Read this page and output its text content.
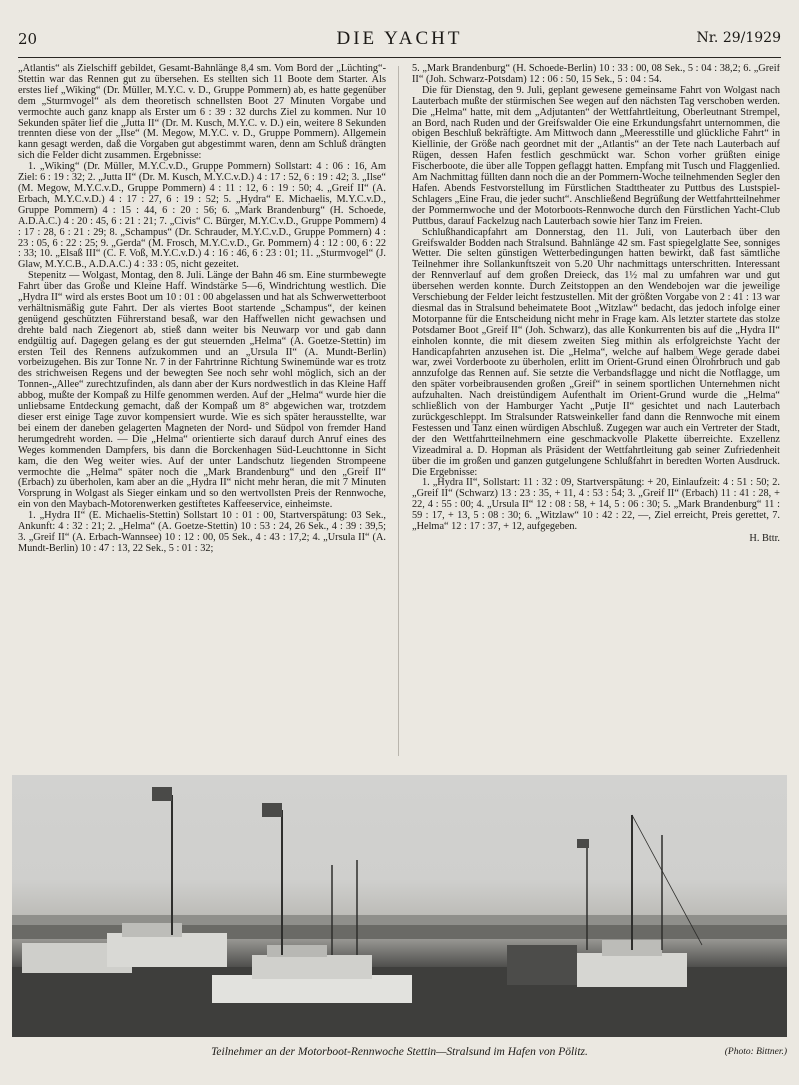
20	DIE YACHT	Nr. 29/1929

„Atlantis“ als Zielschiff gebildet, Gesamt-Bahnlänge 8,4 sm. Vom Bord der „Lüchting“-Stettin war das Rennen gut zu übersehen. Es stellten sich 11 Boote dem Starter. Als erstes lief „Wiking“ (Dr. Müller, M.Y.C. v. D., Gruppe Pommern) ab, es hatte gegenüber dem „Sturmvogel“ als dem theoretisch schnellsten Boot 27 Minuten Vorgabe und vermochte auch ganz knapp als Erster um 6 : 39 : 32 durchs Ziel zu kommen. Nur 10 Sekunden später lief die „Jutta II“ (Dr. M. Kusch, M.Y.C. v. D.) ein, weitere 8 Sekunden trennten diese von der „Ilse“ (M. Megow, M.Y.C. v. D., Gruppe Pommern). Allgemein kann gesagt werden, daß die Vorgaben gut abgestimmt waren, denn am Schluß drängten sich die Felder dicht zusammen. Ergebnisse:

1. „Wiking“ (Dr. Müller, M.Y.C.v.D., Gruppe Pommern) Sollstart: 4 : 06 : 16, Am Ziel: 6 : 19 : 32; 2. „Jutta II“ (Dr. M. Kusch, M.Y.C.v.D.) 4 : 17 : 52, 6 : 19 : 42; 3. „Ilse“ (M. Megow, M.Y.C.v.D., Gruppe Pommern) 4 : 11 : 12, 6 : 19 : 50; 4. „Greif II“ (A. Erbach, M.Y.C.v.D.) 4 : 17 : 27, 6 : 19 : 52; 5. „Hydra“ E. Michaelis, M.Y.C.v.D., Gruppe Pommern) 4 : 15 : 44, 6 : 20 : 56; 6. „Mark Brandenburg“ (H. Schoede, A.D.A.C.) 4 : 20 : 45, 6 : 21 : 21; 7. „Civis“ C. Bürger, M.Y.C.v.D., Gruppe Pommern) 4 : 17 : 28, 6 : 21 : 29; 8. „Schampus“ (Dr. Schrauder, M.Y.C.v.D., Gruppe Pommern) 4 : 23 : 05, 6 : 22 : 25; 9. „Gerda“ (M. Frosch, M.Y.C.v.D., Gr. Pommern) 4 : 12 : 00, 6 : 22 : 33; 10. „Elsaß III“ (C. F. Voß, M.Y.C.v.D.) 4 : 16 : 46, 6 : 23 : 01; 11. „Sturmvogel“ (J. Glaw, M.Y.C.B., A.D.A.C.) 4 : 33 : 05, nicht gezeitet.

Stepenitz — Wolgast, Montag, den 8. Juli. Länge der Bahn 46 sm. Eine sturmbewegte Fahrt über das Große und Kleine Haff. Windstärke 5—6, Windrichtung westlich. Die „Hydra II“ wird als erstes Boot um 10 : 01 : 00 abgelassen und hat als Schwerwetterboot verhältnismäßig gute Fahrt. Der als viertes Boot startende „Schampus“, der keinen genügend geschützten Führerstand besaß, war den Haffwellen nicht gewachsen und drehte bald nach Ziegenort ab, stieß dann weiter bis Neuwarp vor und gab dann endgültig auf. Dagegen gelang es der gut steuernden „Helma“ (A. Goetze-Stettin) im ersten Teil des Rennens aufzukommen und an „Ursula II“ (A. Mundt-Berlin) vorbeizugehen. Bis zur Tonne Nr. 7 in der Fahrtrinne Richtung Swinemünde war es trotz des strichweisen Regens und der bewegten See noch sehr wohl möglich, sich an der Tonnen-„Allee“ zurechtzufinden, als dann aber der Kurs nordwestlich in das Kleine Haff abbog, mußte der Kompaß zu Hilfe genommen werden. Auf der „Helma“ wurde hier die unliebsame Entdeckung gemacht, daß der Kompaß um 8° abgewichen war, trotzdem dieser erst einige Tage zuvor kompensiert wurde. Wie es sich später herausstellte, war bei einem der daneben gelagerten Magneten der Nord- und Südpol von fremder Hand herumgedreht worden. — Die „Helma“ orientierte sich darauf durch Anruf eines des Weges kommenden Dampfers, bis dann die Borckenhagen Süd-Leuchttonne in Sicht kam, die den Weg weiter wies. Auf der unter Landschutz liegenden Strompeene vermochte die „Helma“ später noch die „Mark Brandenburg“ und den „Greif II“ (Erbach) zu überholen, kam aber an die „Hydra II“ nicht mehr heran, die mit 7 Minuten Vorsprung in Wolgast als Sieger einkam und so den wertvollsten Preis der Rennwoche, ein von den Maybach-Motorenwerken gestiftetes Kaffeeservice, einheimste.

1. „Hydra II“ (E. Michaelis-Stettin) Sollstart 10 : 01 : 00, Startverspätung: 03 Sek., Ankunft: 4 : 32 : 21; 2. „Helma“ (A. Goetze-Stettin) 10 : 53 : 24, 26 Sek., 4 : 39 : 39,5; 3. „Greif II“ (A. Erbach-Wannsee) 10 : 12 : 00, 05 Sek., 4 : 43 : 17,2; 4. „Ursula II“ (A. Mundt-Berlin) 10 : 47 : 13, 22 Sek., 5 : 01 : 32;

5. „Mark Brandenburg“ (H. Schoede-Berlin) 10 : 33 : 00, 08 Sek., 5 : 04 : 38,2; 6. „Greif II“ (Joh. Schwarz-Potsdam) 12 : 06 : 50, 15 Sek., 5 : 04 : 54.

Die für Dienstag, den 9. Juli, geplant gewesene gemeinsame Fahrt von Wolgast nach Lauterbach mußte der stürmischen See wegen auf den nächsten Tag verschoben werden. Die „Helma“ hatte, mit dem „Adjutanten“ der Wettfahrtleitung, Oberleutnant Strempel, an Bord, nach Ruden und der Greifswalder Oie eine Erkundungsfahrt unternommen, die obigen Beschluß bekräftigte. Am Mittwoch dann „Meeresstille und glückliche Fahrt“ in Kiellinie, der Größe nach geordnet mit der „Atlantis“ an der Tete nach Lauterbach auf Rügen, dessen Hafen festlich geschmückt war. Schon vorher grüßten einige Fischerboote, die über alle Toppen geflaggt hatten. Empfang mit Tusch und Flaggenlied. Am Nachmittag füllten dann noch die an der Pommern-Woche teilnehmenden Segler den Hafen. Abends Festvorstellung im Fürstlichen Stadttheater zu Puttbus des Lustspiel-Schlagers „Eine Frau, die jeder sucht“. Anschließend Begrüßung der Wettfahrtteilnehmer der Pommernwoche und der Motorboots-Rennwoche durch den Fürstlichen Yacht-Club Puttbus, darauf Fackelzug nach Lauterbach sowie hier Tanz im Freien.

Schlußhandicapfahrt am Donnerstag, den 11. Juli, von Lauterbach über den Greifswalder Bodden nach Stralsund. Bahnlänge 42 sm. Fast spiegelglatte See, sonniges Wetter. Die selten günstigen Wetterbedingungen hatten bewirkt, daß fast sämtliche Teilnehmer ihre Sollankunftszeit von 5.20 Uhr nachmittags unterschritten. Interessant der Rennverlauf auf dem großen Dreieck, das 1½ mal zu umfahren war und gut übersehen werden konnte. Durch Zeitstoppen an den Wendebojen war die jeweilige Verschiebung der Felder leicht festzustellen. Mit der größten Vorgabe von 2 : 41 : 13 war diesmal das in Stralsund beheimatete Boot „Witzlaw“ bedacht, das jedoch infolge einer Motorpanne für die Entscheidung nicht mehr in Frage kam. Als letzter startete das stolze Potsdamer Boot „Greif II“ (Joh. Schwarz), das alle Konkurrenten bis auf die „Hydra II“ einholen konnte, die mit diesem zweiten Sieg mithin als erfolgreichste Yacht der Handicapfahrten anzusehen ist. Die „Helma“, welche auf halbem Wege gerade dabei war, zwei Vorderboote zu überholen, erlitt im Orient-Grund einen Ölrohrbruch und gab annzufolge das Rennen auf. Sie setzte die Verbandsflagge und nicht die Notflagge, um den später vorbeibrausenden großen „Greif“ in seinem sportlichen Unternehmen nicht aufzuhalten. Nach dreistündigem Aufenthalt im Orient-Grund wurde die „Helma“ schließlich von der Hamburger Yacht „Putje II“ gesichtet und nach Lauterbach zurückgeschleppt. Im Stralsunder Ratsweinkeller fand dann die Rennwoche mit einem Festessen und Tanz einen würdigen Abschluß. Zugegen war auch ein Vertreter der Stadt, der den Wettfahrtteilnehmern eine geschmackvolle Plakette überreichte. Exzellenz Vizeadmiral a. D. Hopman als Präsident der Wettfahrtleitung gab seiner Zufriedenheit über die im großen und ganzen gutgelungene Schlußfahrt in beredten Worten Ausdruck. Die Ergebnisse:

1. „Hydra II“, Sollstart: 11 : 32 : 09, Startverspätung: + 20, Einlaufzeit: 4 : 51 : 50; 2. „Greif II“ (Schwarz) 13 : 23 : 35, + 11, 4 : 53 : 54; 3. „Greif II“ (Erbach) 11 : 41 : 28, + 22, 4 : 55 : 00; 4. „Ursula II“ 12 : 08 : 58, + 14, 5 : 06 : 30; 5. „Mark Brandenburg“ 11 : 59 : 17, + 13, 5 : 08 : 30; 6. „Witzlaw“ 10 : 42 : 22, —, Ziel erreicht, Preis gerettet, 7. „Helma“ 12 : 17 : 37, + 12, aufgegeben.

H. Bttr.
Teilnehmer an der Motorboot-Rennwoche Stettin—Stralsund im Hafen von Pölitz.	(Photo: Bittner.)
